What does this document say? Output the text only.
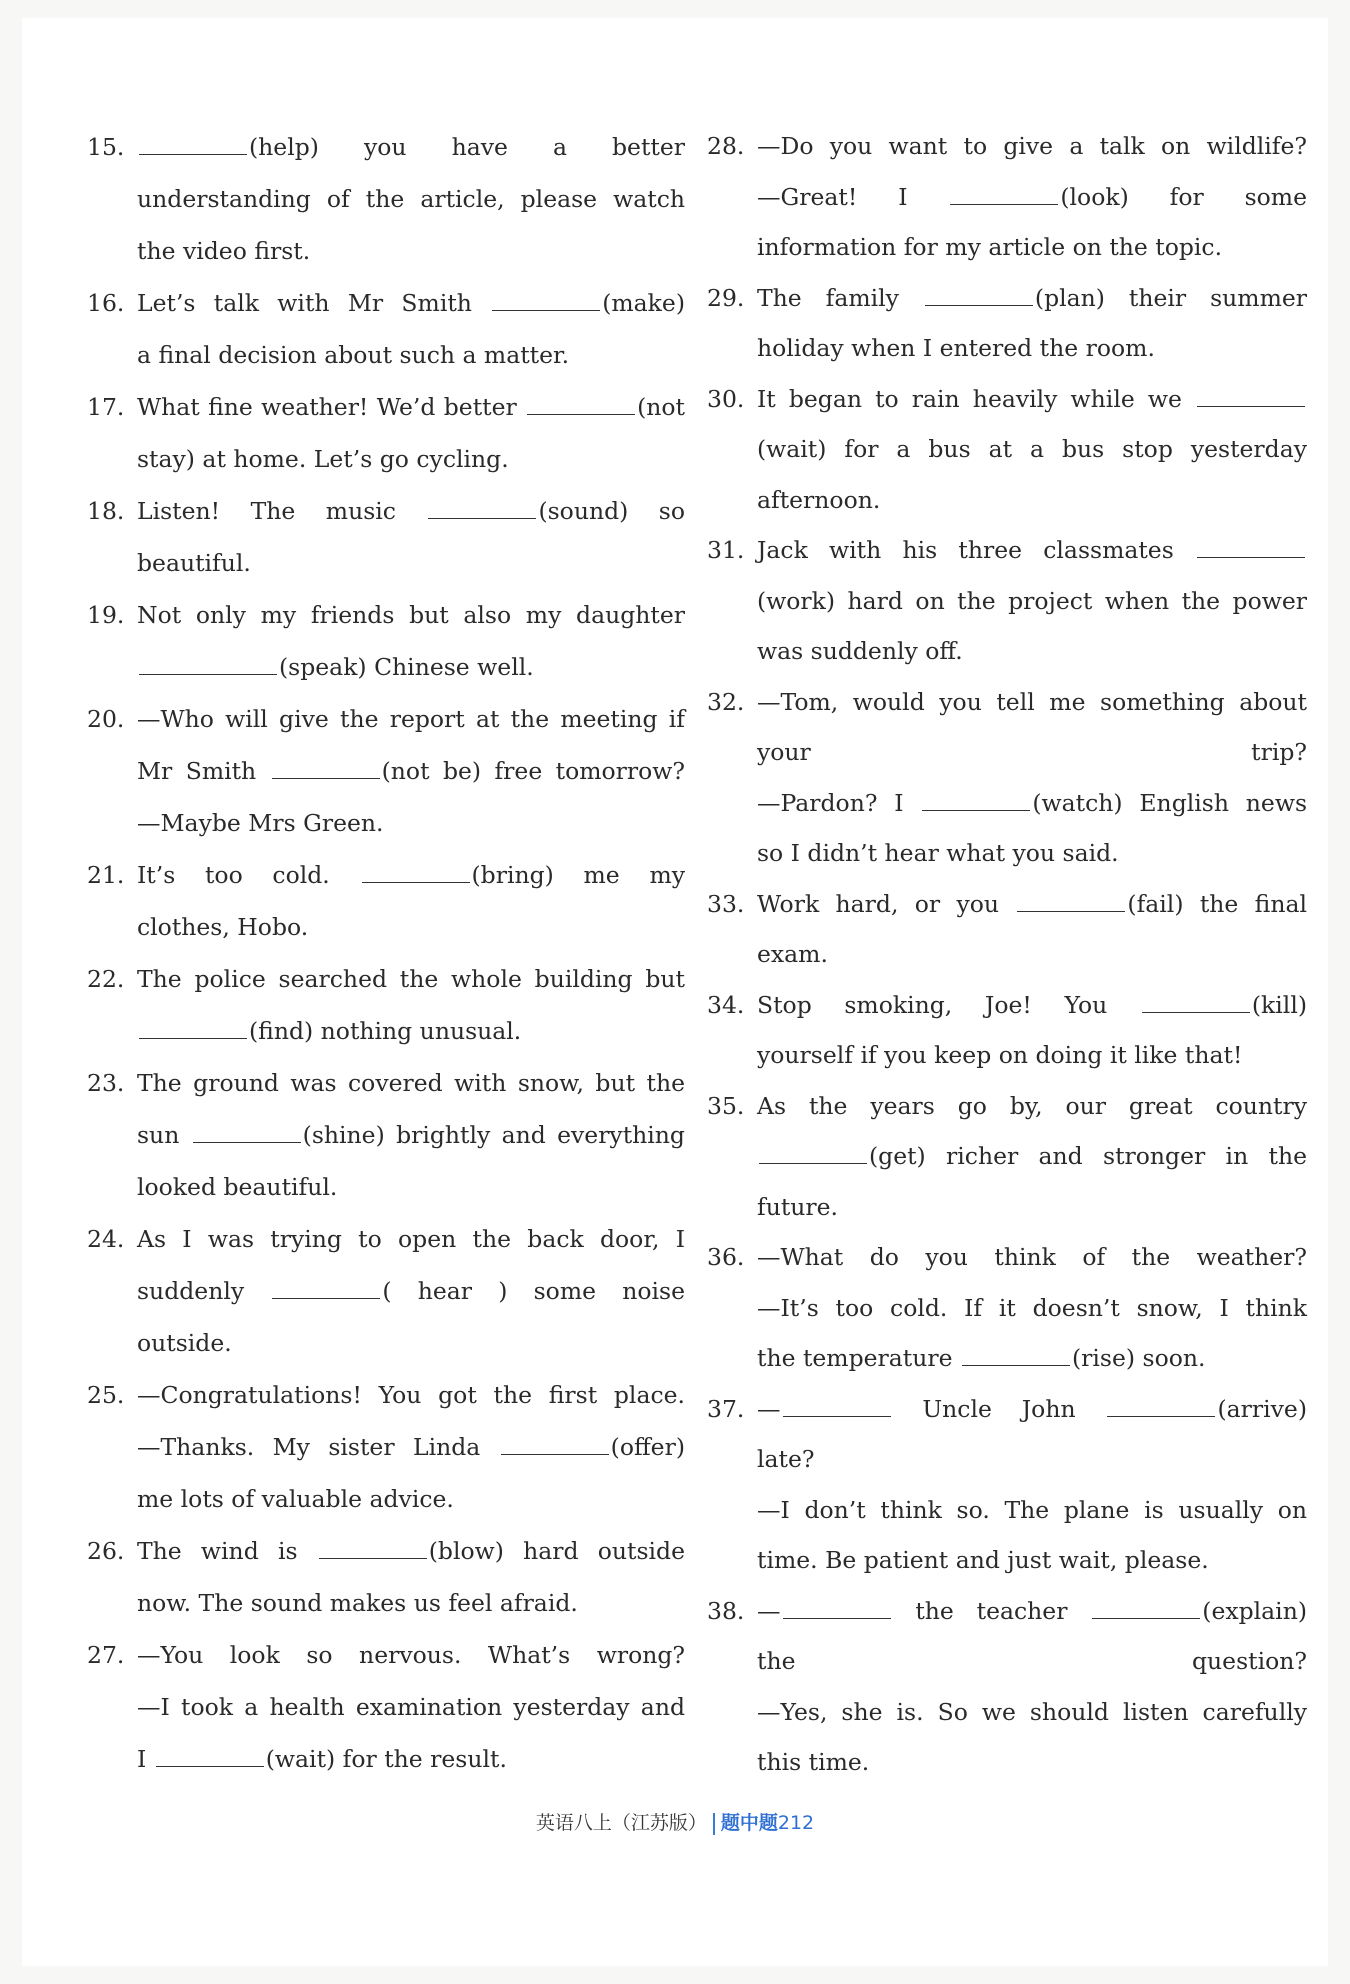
15.	(help) you have a better
understanding of the article, please watch
the video first.
16. Let’s talk with Mr Smith	(make)
a final decision about such a matter.
17. What fine weather! We’d better	(not
stay) at home. Let’s go cycling.
18. Listen! The music	(sound) so
beautiful.
19. Not only my friends but also my daughter
(speak) Chinese well.
20. —Who will give the report at the meeting if
Mr Smith	(not be) free tomorrow?
—Maybe Mrs Green.
21. It’s too cold.	(bring) me my
clothes, Hobo.
22. The police searched the whole building but
(find) nothing unusual.
23. The ground was covered with snow, but the
sun	(shine) brightly and everything
looked beautiful.
24. As I was trying to open the back door, I
suddenly	( hear ) some noise
outside.
25. —Congratulations! You got the first place.
—Thanks. My sister Linda	(offer)
me lots of valuable advice.
26. The wind is	(blow) hard outside
now. The sound makes us feel afraid.
27. —You look so nervous. What’s wrong?
—I took a health examination yesterday and
I	(wait) for the result.
28. —Do you want to give a talk on wildlife?
—Great! I	(look) for some
information for my article on the topic.
29. The family	(plan) their summer
holiday when I entered the room.
30. It began to rain heavily while we
(wait) for a bus at a bus stop yesterday
afternoon.
31. Jack with his three classmates
(work) hard on the project when the power
was suddenly off.
32. —Tom, would you tell me something about
your trip?
—Pardon? I	(watch) English news
so I didn’t hear what you said.
33. Work hard, or you	(fail) the final
exam.
34. Stop smoking, Joe! You	(kill)
yourself if you keep on doing it like that!
35. As the years go by, our great country
(get) richer and stronger in the
future.
36. —What do you think of the weather?
—It’s too cold. If it doesn’t snow, I think
the temperature	(rise) soon.
37. —	Uncle John	(arrive)
late?
—I don’t think so. The plane is usually on
time. Be patient and just wait, please.
38. —	the teacher	(explain)
the question?
—Yes, she is. So we should listen carefully
this time.
英语八上（江苏版） 题中题212
